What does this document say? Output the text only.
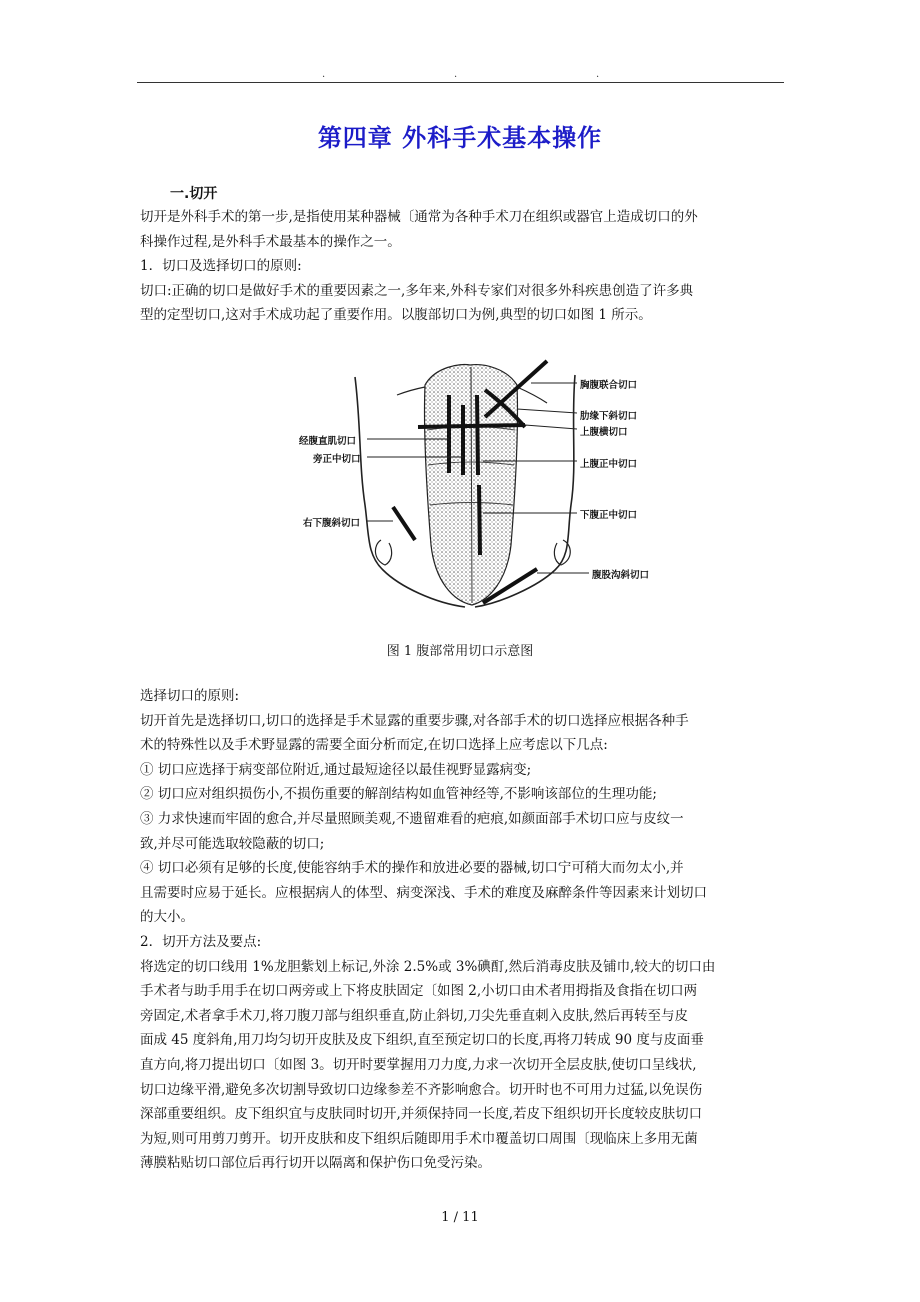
.	.	.
第四章 外科手术基本操作
一.切开
切开是外科手术的第一步,是指使用某种器械〔通常为各种手术刀在组织或器官上造成切口的外
科操作过程,是外科手术最基本的操作之一。
1．切口及选择切口的原则:
切口:正确的切口是做好手术的重要因素之一,多年来,外科专家们对很多外科疾患创造了许多典
型的定型切口,这对手术成功起了重要作用。以腹部切口为例,典型的切口如图 1 所示。
胸腹联合切口
肋缘下斜切口
上腹横切口
上腹正中切口
下腹正中切口
腹股沟斜切口
经腹直肌切口
旁正中切口
右下腹斜切口
图 1 腹部常用切口示意图
选择切口的原则:
切开首先是选择切口,切口的选择是手术显露的重要步骤,对各部手术的切口选择应根据各种手
术的特殊性以及手术野显露的需要全面分析而定,在切口选择上应考虑以下几点:
① 切口应选择于病变部位附近,通过最短途径以最佳视野显露病变;
② 切口应对组织损伤小,不损伤重要的解剖结构如血管神经等,不影响该部位的生理功能;
③ 力求快速而牢固的愈合,并尽量照顾美观,不遗留难看的疤痕,如颜面部手术切口应与皮纹一
致,并尽可能选取较隐蔽的切口;
④ 切口必须有足够的长度,使能容纳手术的操作和放进必要的器械,切口宁可稍大而勿太小,并
且需要时应易于延长。应根据病人的体型、病变深浅、手术的难度及麻醉条件等因素来计划切口
的大小。
2．切开方法及要点:
将选定的切口线用 1%龙胆紫划上标记,外涂 2.5%或 3%碘酊,然后消毒皮肤及铺巾,较大的切口由
手术者与助手用手在切口两旁或上下将皮肤固定〔如图 2,小切口由术者用拇指及食指在切口两
旁固定,术者拿手术刀,将刀腹刀部与组织垂直,防止斜切,刀尖先垂直刺入皮肤,然后再转至与皮
面成 45 度斜角,用刀均匀切开皮肤及皮下组织,直至预定切口的长度,再将刀转成 90 度与皮面垂
直方向,将刀提出切口〔如图 3。切开时要掌握用刀力度,力求一次切开全层皮肤,使切口呈线状,
切口边缘平滑,避免多次切割导致切口边缘参差不齐影响愈合。切开时也不可用力过猛,以免误伤
深部重要组织。皮下组织宜与皮肤同时切开,并须保持同一长度,若皮下组织切开长度较皮肤切口
为短,则可用剪刀剪开。切开皮肤和皮下组织后随即用手术巾覆盖切口周围〔现临床上多用无菌
薄膜粘贴切口部位后再行切开以隔离和保护伤口免受污染。
1 / 11
